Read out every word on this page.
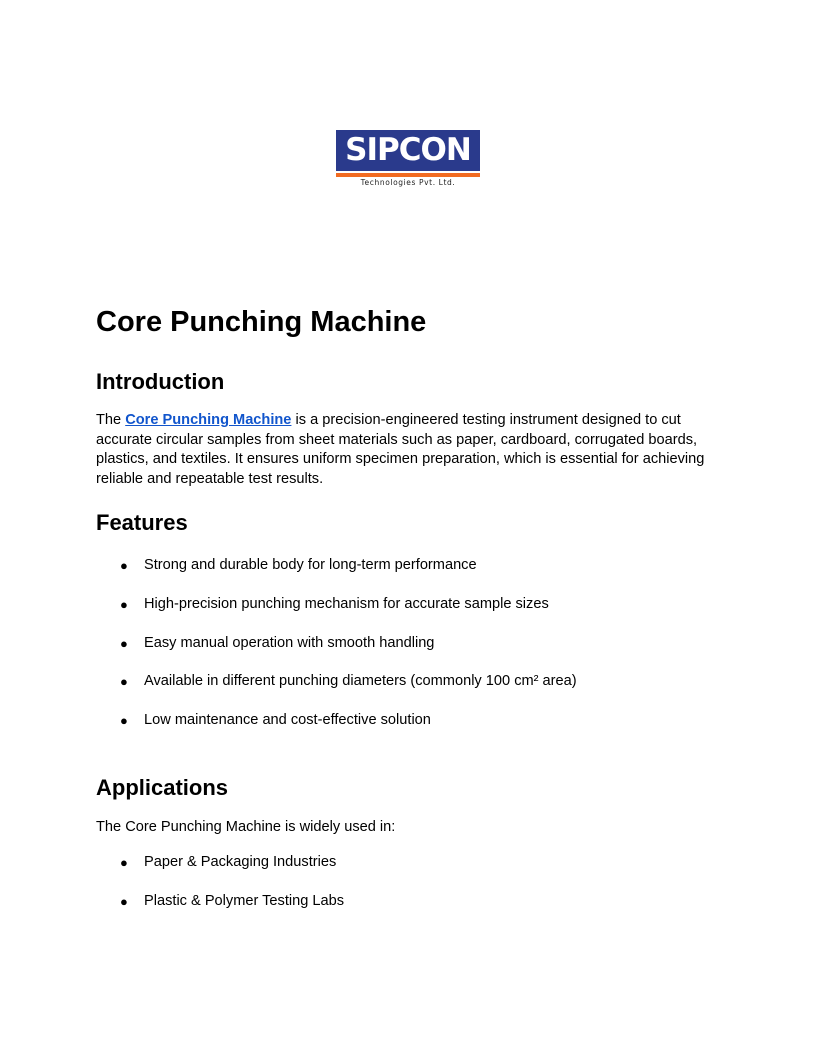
SIPCON
Technologies Pvt. Ltd.
Core Punching Machine
Introduction

The Core Punching Machine is a precision-engineered testing instrument designed to cut accurate circular samples from sheet materials such as paper, cardboard, corrugated boards, plastics, and textiles. It ensures uniform specimen preparation, which is essential for achieving reliable and repeatable test results.

Features
● Strong and durable body for long-term performance
● High-precision punching mechanism for accurate sample sizes
● Easy manual operation with smooth handling
● Available in different punching diameters (commonly 100 cm² area)
● Low maintenance and cost-effective solution
Applications

The Core Punching Machine is widely used in:

● Paper & Packaging Industries
● Plastic & Polymer Testing Labs
